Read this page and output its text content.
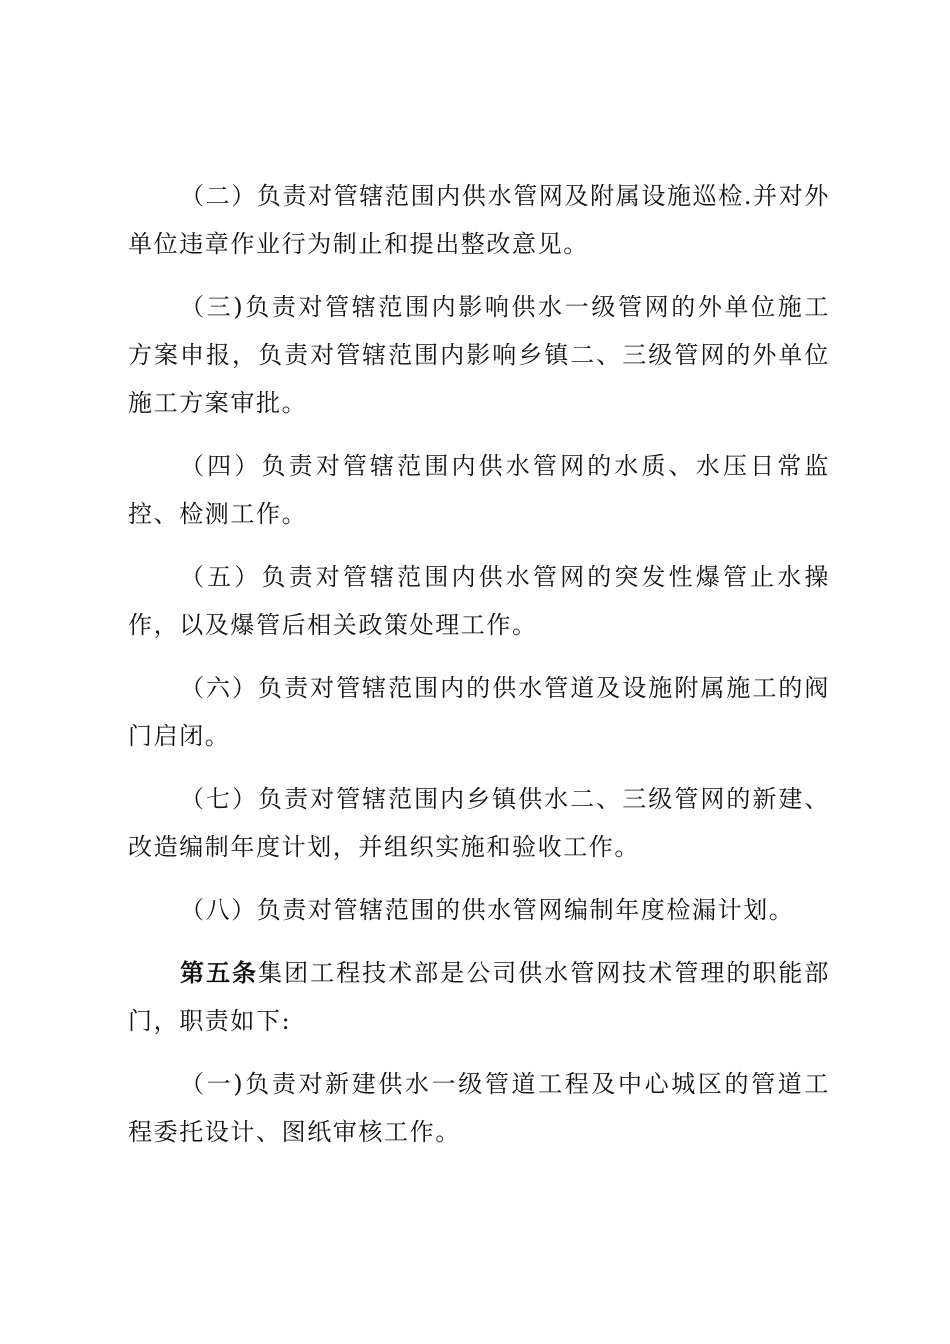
（二）负责对管辖范围内供水管网及附属设施巡检.并对外单位违章作业行为制止和提出整改意见。

（三)负责对管辖范围内影响供水一级管网的外单位施工方案申报，负责对管辖范围内影响乡镇二、三级管网的外单位施工方案审批。

（四）负责对管辖范围内供水管网的水质、水压日常监控、检测工作。

（五）负责对管辖范围内供水管网的突发性爆管止水操作，以及爆管后相关政策处理工作。

（六）负责对管辖范围内的供水管道及设施附属施工的阀门启闭。

（七）负责对管辖范围内乡镇供水二、三级管网的新建、改造编制年度计划，并组织实施和验收工作。

（八）负责对管辖范围的供水管网编制年度检漏计划。

第五条集团工程技术部是公司供水管网技术管理的职能部门，职责如下:

（一)负责对新建供水一级管道工程及中心城区的管道工程委托设计、图纸审核工作。
